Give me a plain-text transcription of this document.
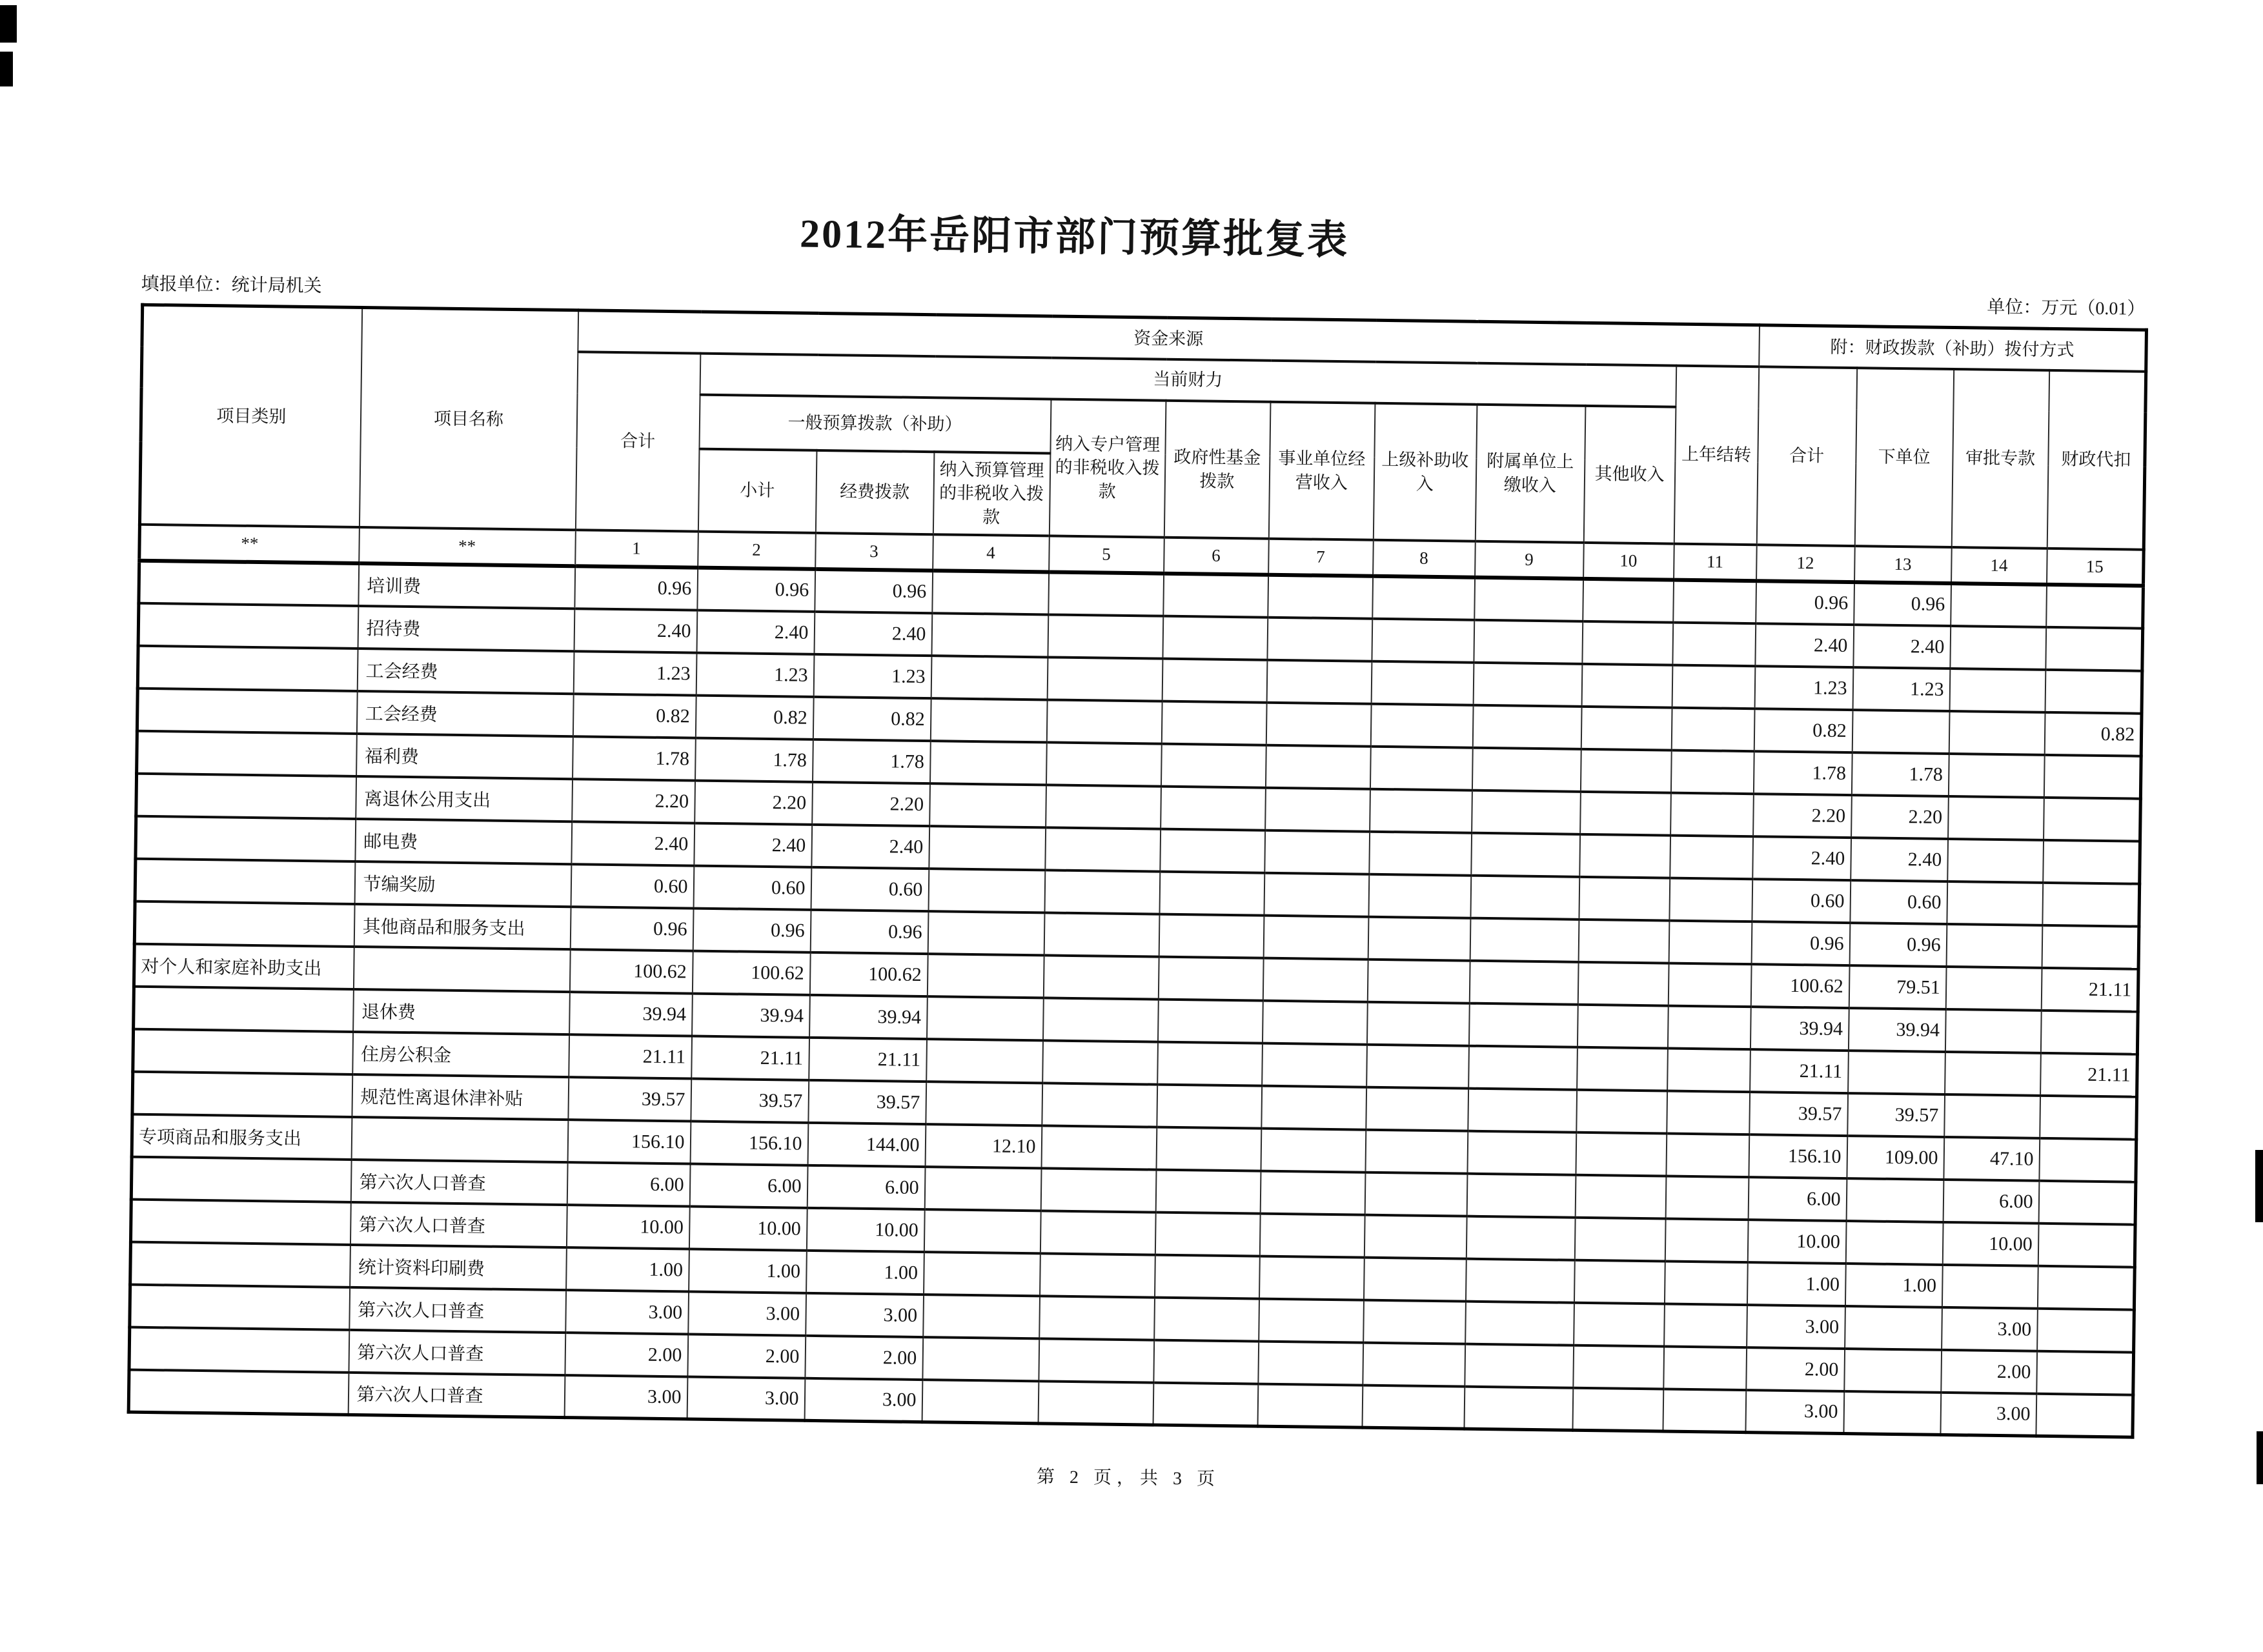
2012年岳阳市部门预算批复表
填报单位：统计局机关
单位：万元（0.01）
项目类别	项目名称	资金来源											附：财政拨款（补助）拨付方式			
		合计	当前财力									上年结转	合计	下单位	审批专款	财政代扣
			一般预算拨款（补助）			纳入专户管理的非税收入拨款	政府性基金拨款	事业单位经营收入	上级补助收入	附属单位上缴收入	其他收入					
			小计	经费拨款	纳入预算管理的非税收入拨款											
**	**	1	2	3	4	5	6	7	8	9	10	11	12	13	14	15
	培训费	0.96	0.96	0.96									0.96	0.96		
	招待费	2.40	2.40	2.40									2.40	2.40		
	工会经费	1.23	1.23	1.23									1.23	1.23		
	工会经费	0.82	0.82	0.82									0.82			0.82
	福利费	1.78	1.78	1.78									1.78	1.78		
	离退休公用支出	2.20	2.20	2.20									2.20	2.20		
	邮电费	2.40	2.40	2.40									2.40	2.40		
	节编奖励	0.60	0.60	0.60									0.60	0.60		
	其他商品和服务支出	0.96	0.96	0.96									0.96	0.96		
对个人和家庭补助支出		100.62	100.62	100.62									100.62	79.51		21.11
	退休费	39.94	39.94	39.94									39.94	39.94		
	住房公积金	21.11	21.11	21.11									21.11			21.11
	规范性离退休津补贴	39.57	39.57	39.57									39.57	39.57		
专项商品和服务支出		156.10	156.10	144.00	12.10								156.10	109.00	47.10	
	第六次人口普查	6.00	6.00	6.00									6.00		6.00	
	第六次人口普查	10.00	10.00	10.00									10.00		10.00	
	统计资料印刷费	1.00	1.00	1.00									1.00	1.00		
	第六次人口普查	3.00	3.00	3.00									3.00		3.00	
	第六次人口普查	2.00	2.00	2.00									2.00		2.00	
	第六次人口普查	3.00	3.00	3.00									3.00		3.00	
第 2 页，共 3 页
